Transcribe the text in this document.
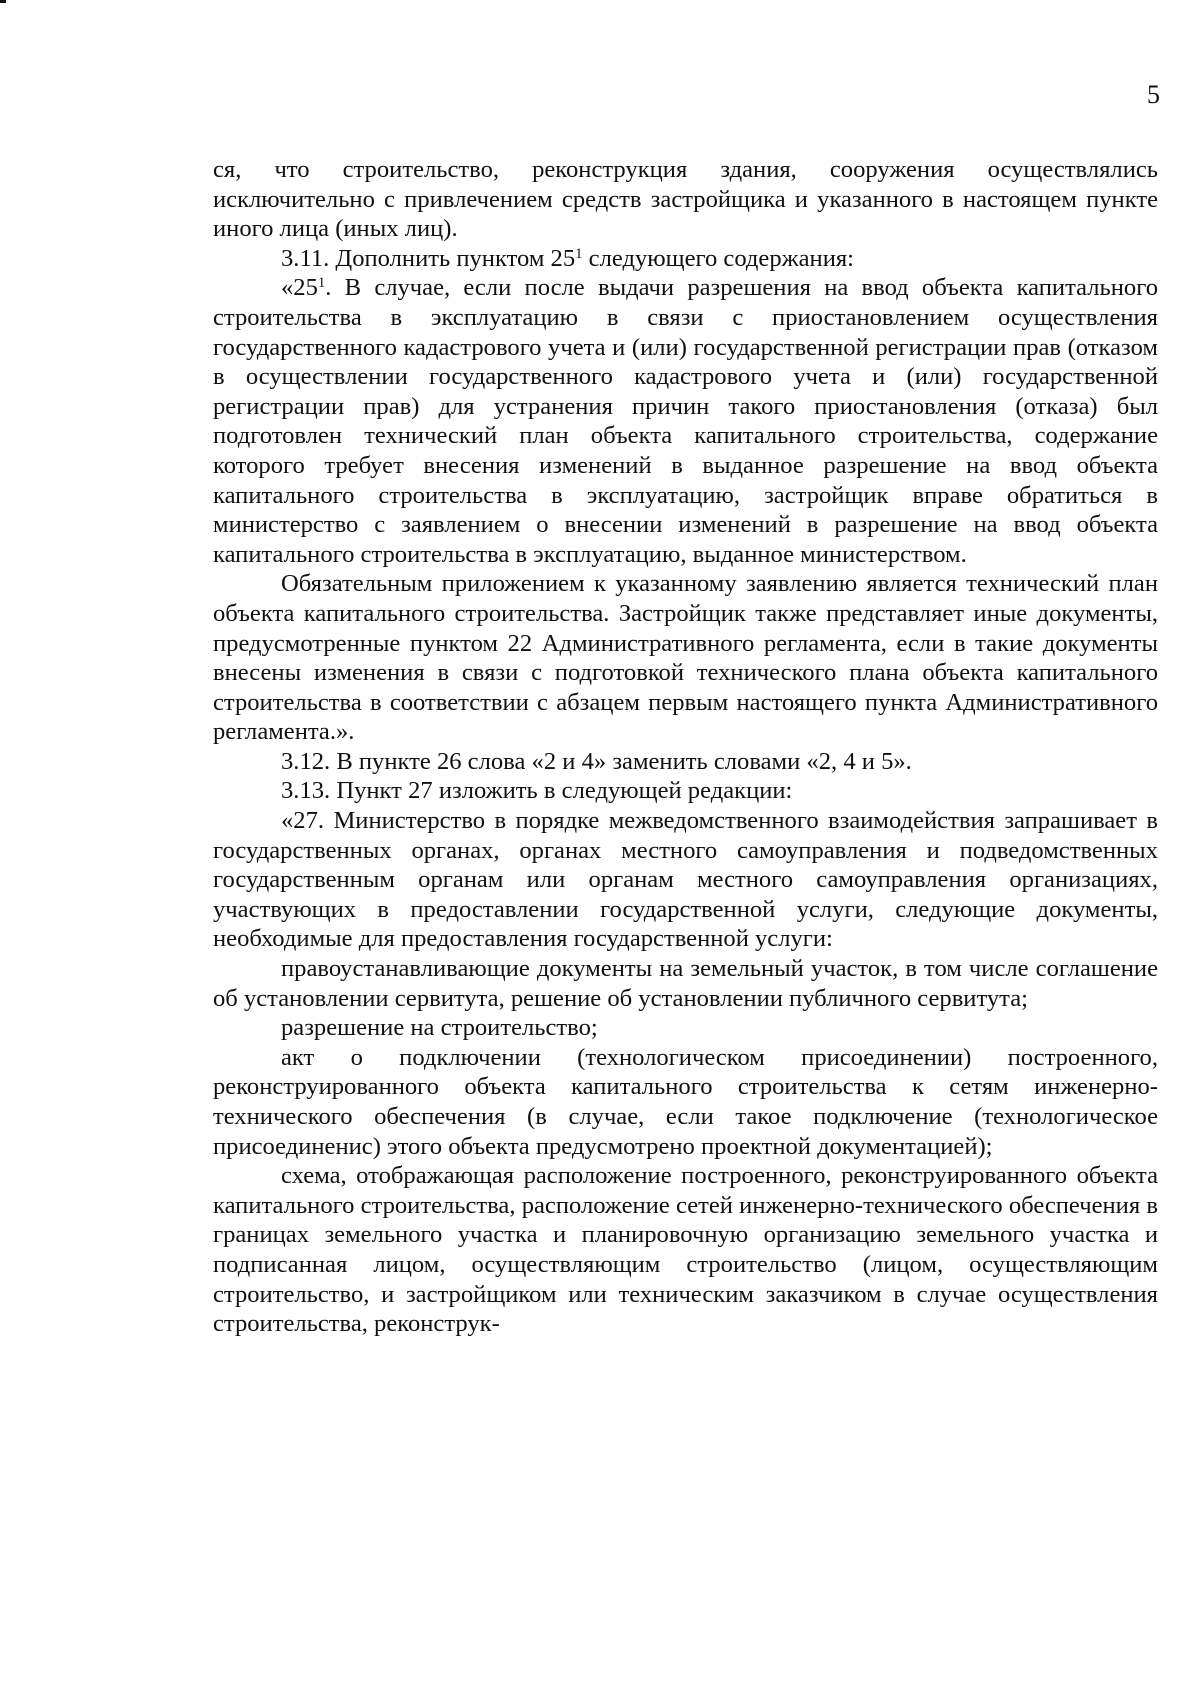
5

ся, что строительство, реконструкция здания, сооружения осуществлялись исключительно с привлечением средств застройщика и указанного в настоящем пункте иного лица (иных лиц).

3.11. Дополнить пунктом $25^1$ следующего содержания:

«$25^1$. В случае, если после выдачи разрешения на ввод объекта капитального строительства в эксплуатацию в связи с приостановлением осуществления государственного кадастрового учета и (или) государственной регистрации прав (отказом в осуществлении государственного кадастрового учета и (или) государственной регистрации прав) для устранения причин такого приостановления (отказа) был подготовлен технический план объекта капитального строительства, содержание которого требует внесения изменений в выданное разрешение на ввод объекта капитального строительства в эксплуатацию, застройщик вправе обратиться в министерство с заявлением о внесении изменений в разрешение на ввод объекта капитального строительства в эксплуатацию, выданное министерством.

Обязательным приложением к указанному заявлению является технический план объекта капитального строительства. Застройщик также представляет иные документы, предусмотренные пунктом 22 Административного регламента, если в такие документы внесены изменения в связи с подготовкой технического плана объекта капитального строительства в соответствии с абзацем первым настоящего пункта Административного регламента.».

3.12. В пункте 26 слова «2 и 4» заменить словами «2, 4 и 5».

3.13. Пункт 27 изложить в следующей редакции:

«27. Министерство в порядке межведомственного взаимодействия запрашивает в государственных органах, органах местного самоуправления и подведомственных государственным органам или органам местного самоуправления организациях, участвующих в предоставлении государственной услуги, следующие документы, необходимые для предоставления государственной услуги:

правоустанавливающие документы на земельный участок, в том числе соглашение об установлении сервитута, решение об установлении публичного сервитута;

разрешение на строительство;

акт о подключении (технологическом присоединении) построенного, реконструированного объекта капитального строительства к сетям инженерно-технического обеспечения (в случае, если такое подключение (технологическое присоединенис) этого объекта предусмотрено проектной документацией);

схема, отображающая расположение построенного, реконструированного объекта капитального строительства, расположение сетей инженерно-технического обеспечения в границах земельного участка и планировочную организацию земельного участка и подписанная лицом, осуществляющим строительство (лицом, осуществляющим строительство, и застройщиком или техническим заказчиком в случае осуществления строительства, реконструк-
